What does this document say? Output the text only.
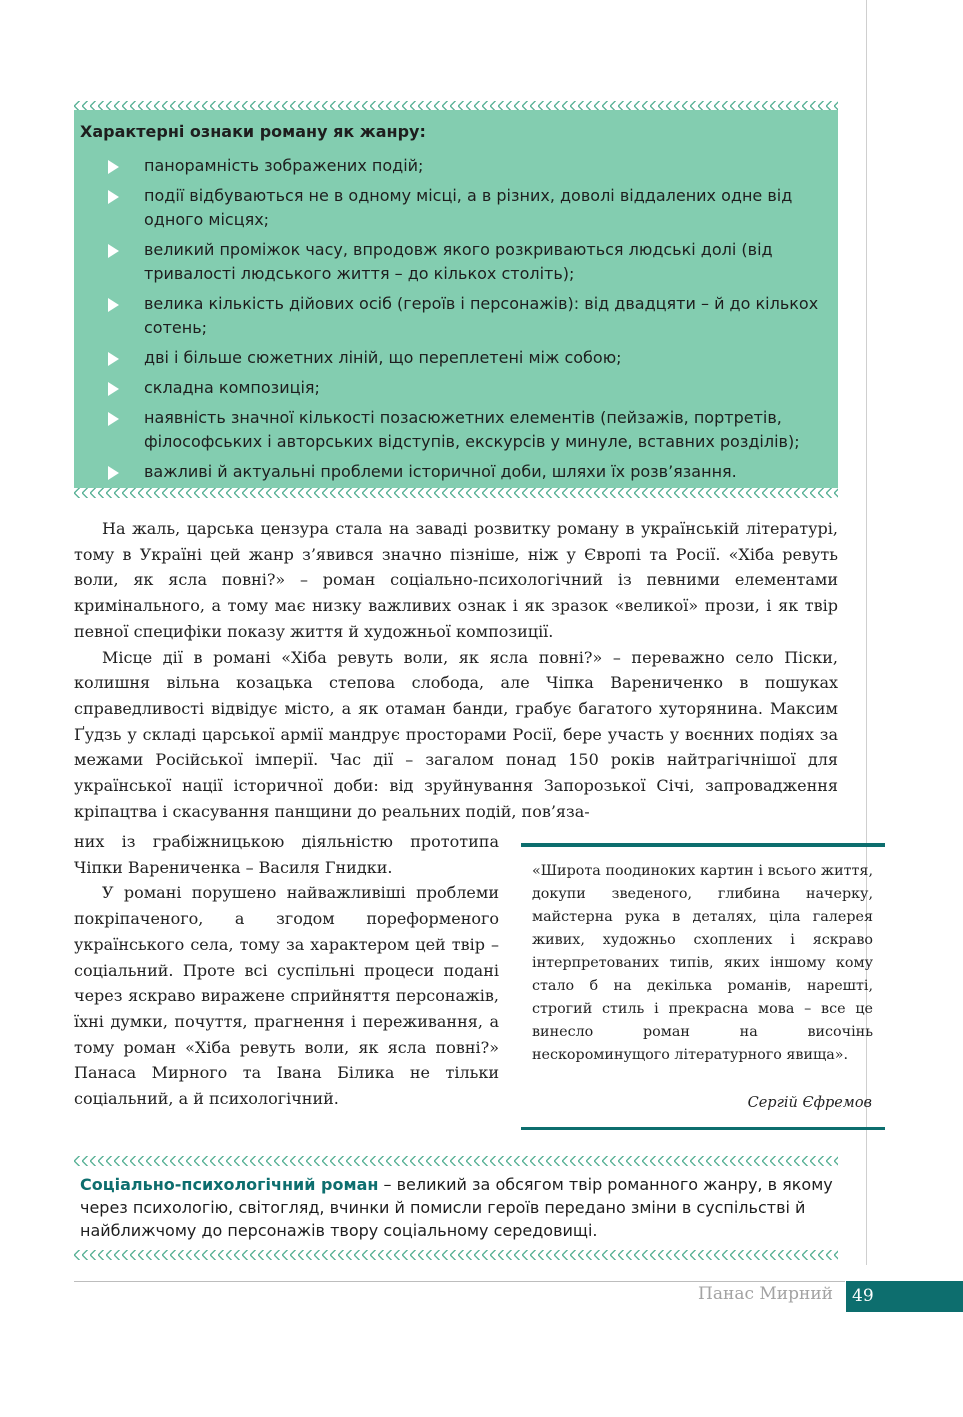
Характерні ознаки роману як жанру:
панорамність зображених подій;
події відбуваються не в одному місці, а в різних, доволі віддалених одне від одного місцях;
великий проміжок часу, впродовж якого розкриваються людські долі (від тривалості людського життя – до кількох століть);
велика кількість дійових осіб (героїв і персонажів): від двадцяти – й до кількох сотень;
дві і більше сюжетних ліній, що переплетені між собою;
складна композиція;
наявність значної кількості позасюжетних елементів (пейзажів, портретів, філософських і авторських відступів, екскурсів у минуле, вставних розділів);
важливі й актуальні проблеми історичної доби, шляхи їх розв’язання.

На жаль, царська цензура стала на заваді розвитку роману в українській літературі, тому в Україні цей жанр з’явився значно пізніше, ніж у Європі та Росії. «Хіба ревуть воли, як ясла повні?» – роман соціально-психологічний із певними елементами кримінального, а тому має низку важливих ознак і як зразок «великої» прози, і як твір певної специфіки показу життя й художньої композиції.

Місце дії в романі «Хіба ревуть воли, як ясла повні?» – переважно село Піски, колишня вільна козацька степова слобода, але Чіпка Варениченко в пошуках справедливості відвідує місто, а як отаман банди, грабує багатого хуторянина. Максим Ґудзь у складі царської армії мандрує просторами Росії, бере участь у воєнних подіях за межами Російської імперії. Час дії – загалом понад 150 років найтрагічнішої для української нації історичної доби: від зруйнування Запорозької Січі, запровадження кріпацтва і скасування панщини до реальних подій, пов’яза-

них із грабіжницькою діяльністю прототипа Чіпки Вареничeнка – Василя Гнидки.

У романі порушено найважливіші проблеми покріпаченого, а згодом пореформеного українського села, тому за характером цей твір – соціальний. Проте всі суспільні процеси подані через яскраво виражене сприйняття персонажів, їхні думки, почуття, прагнення і переживання, а тому роман «Хіба ревуть воли, як ясла повні?» Панаса Мирного та Івана Білика не тільки соціальний, а й психологічний.

«Широта поодиноких картин і всього життя, докупи зведеного, глибина начерку, майстерна рука в деталях, ціла галерея живих, художньо схоплених і яскраво інтерпретованих типів, яких іншому кому стало б на декілька романів, нарешті, строгий стиль і прекрасна мова – все це винесло роман на височінь нескороминущого літературного явища».

Сергій Єфремов

Соціально-психологічний роман – великий за обсягом твір романного жанру, в якому через психологію, світогляд, вчинки й помисли героїв передано зміни в суспільстві й найближчому до персонажів твору соціальному середовищі.

Панас Мирний 49
